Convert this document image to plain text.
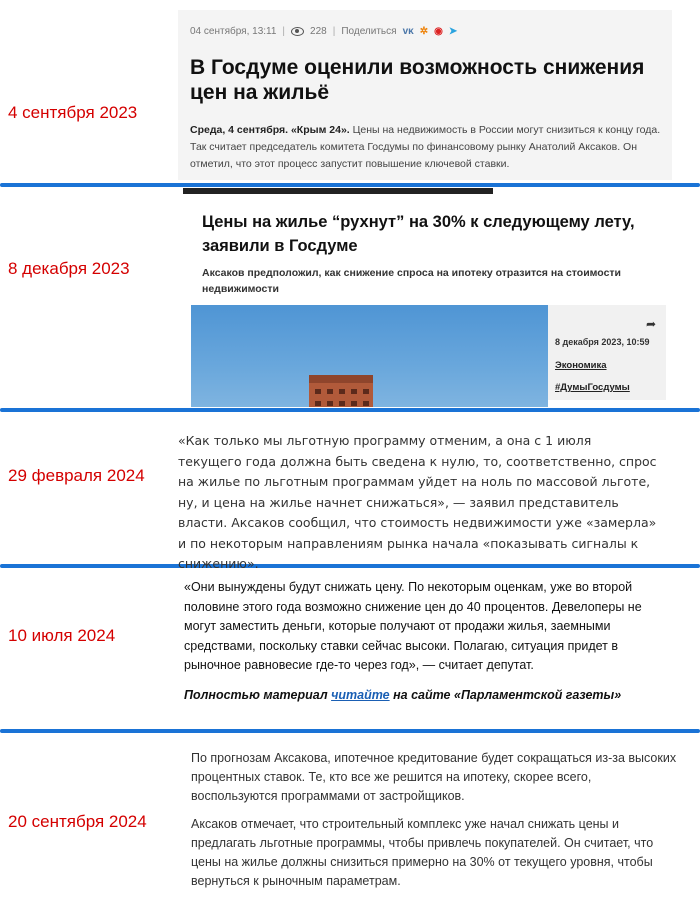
4 сентября 2023
8 декабря 2023
29 февраля 2024
10 июля 2024
20 сентября 2024
04 сентября, 13:11 |	228 | Поделиться ᴠᴋ ✲ ◉ ➤
В Госдуме оценили возможность снижения цен на жильё
Среда, 4 сентября. «Крым 24». Цены на недвижимость в России могут снизиться к концу года. Так считает председатель комитета Госдумы по финансовому рынку Анатолий Аксаков. Он отметил, что этот процесс запустит повышение ключевой ставки.
Цены на жилье “рухнут” на 30% к следующему лету, заявили в Госдуме
Аксаков предположил, как снижение спроса на ипотеку отразится на стоимости недвижимости
➦
8 декабря 2023, 10:59
Экономика
#ДумыГосдумы

«Как только мы льготную программу отменим, а она с 1 июля текущего года должна быть сведена к нулю, то, соответственно, спрос на жилье по льготным программам уйдет на ноль по массовой льготе, ну, и цена на жилье начнет снижаться», — заявил представитель власти. Аксаков сообщил, что стоимость недвижимости уже «замерла» и по некоторым направлениям рынка начала «показывать сигналы к снижению».

«Они вынуждены будут снижать цену. По некоторым оценкам, уже во второй половине этого года возможно снижение цен до 40 процентов. Девелоперы не могут заместить деньги, которые получают от продажи жилья, заемными средствами, поскольку ставки сейчас высоки. Полагаю, ситуация придет в рыночное равновесие где-то через год», — считает депутат.

Полностью материал читайте на сайте «Парламентской газеты»

По прогнозам Аксакова, ипотечное кредитование будет сокращаться из-за высоких процентных ставок. Те, кто все же решится на ипотеку, скорее всего, воспользуются программами от застройщиков.

Аксаков отмечает, что строительный комплекс уже начал снижать цены и предлагать льготные программы, чтобы привлечь покупателей. Он считает, что цены на жилье должны снизиться примерно на 30% от текущего уровня, чтобы вернуться к рыночным параметрам.
